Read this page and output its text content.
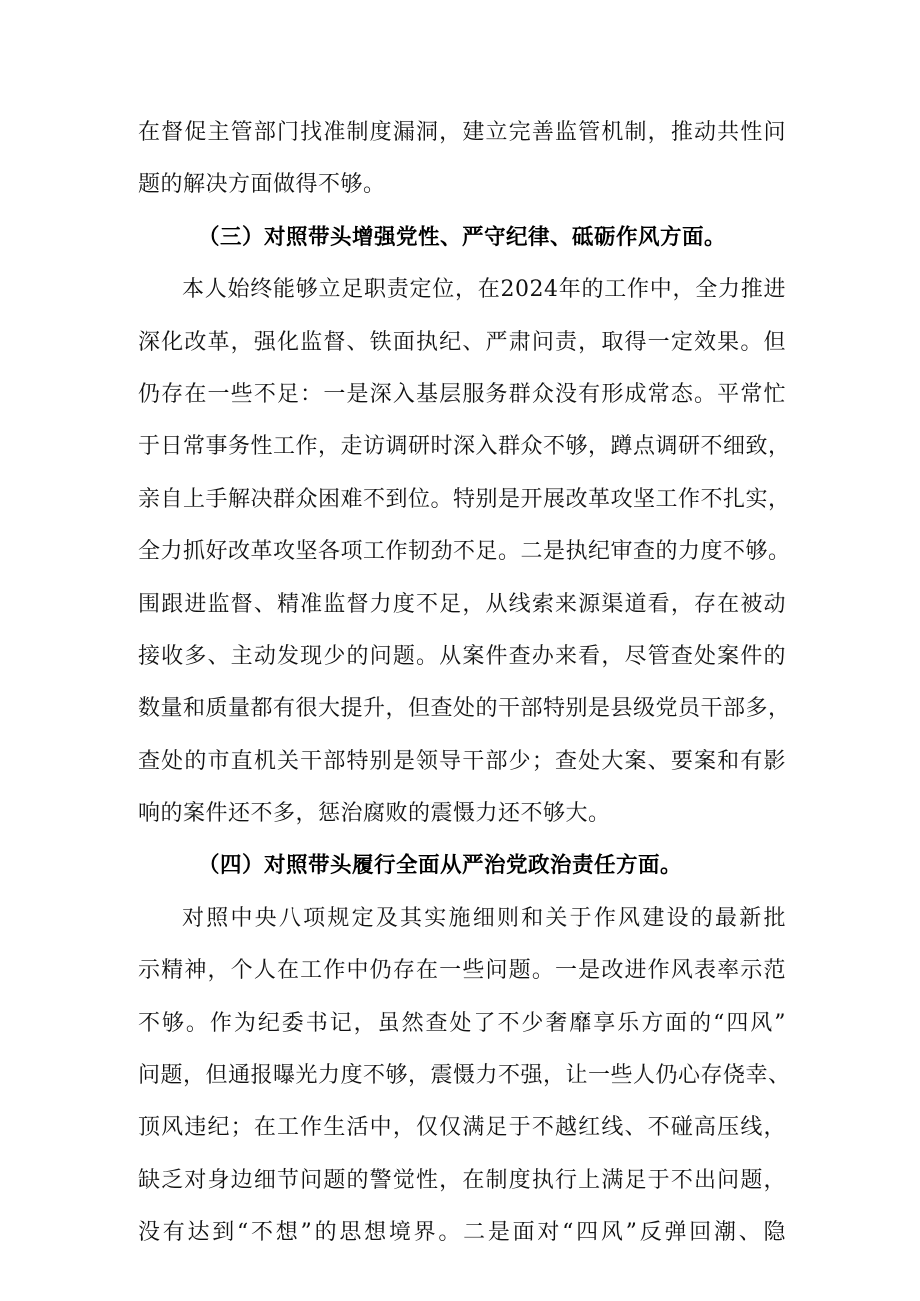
在督促主管部门找准制度漏洞，建立完善监管机制，推动共性问
题的解决方面做得不够。
（三）对照带头增强党性、严守纪律、砥砺作风方面。
本人始终能够立足职责定位，在2024年的工作中，全力推进
深化改革，强化监督、铁面执纪、严肃问责，取得一定效果。但
仍存在一些不足：一是深入基层服务群众没有形成常态。平常忙
于日常事务性工作，走访调研时深入群众不够，蹲点调研不细致，
亲自上手解决群众困难不到位。特别是开展改革攻坚工作不扎实，
全力抓好改革攻坚各项工作韧劲不足。二是执纪审查的力度不够。
围跟进监督、精准监督力度不足，从线索来源渠道看，存在被动
接收多、主动发现少的问题。从案件查办来看，尽管查处案件的
数量和质量都有很大提升，但查处的干部特别是县级党员干部多，
查处的市直机关干部特别是领导干部少；查处大案、要案和有影
响的案件还不多，惩治腐败的震慑力还不够大。
（四）对照带头履行全面从严治党政治责任方面。
对照中央八项规定及其实施细则和关于作风建设的最新批
示精神，个人在工作中仍存在一些问题。一是改进作风表率示范
不够。作为纪委书记，虽然查处了不少奢靡享乐方面的“四风”
问题，但通报曝光力度不够，震慑力不强，让一些人仍心存侥幸、
顶风违纪；在工作生活中，仅仅满足于不越红线、不碰高压线，
缺乏对身边细节问题的警觉性，在制度执行上满足于不出问题，
没有达到“不想”的思想境界。二是面对“四风”反弹回潮、隐
